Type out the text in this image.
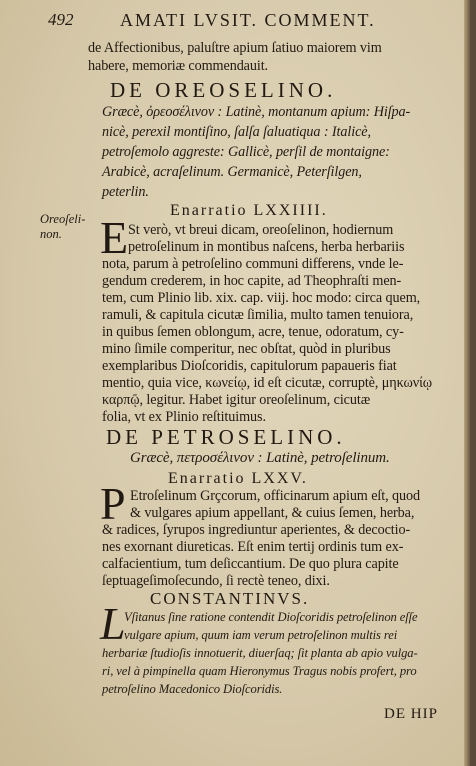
492	AMATI LVSIT. COMMENT.
de Affectionibus, paluſtre apium ſatiuo maiorem vim
habere, memoriæ commendauit.
DE OREOSELINO.
Græcè, ὀρεοσέλινον : Latinè, montanum apium: Hiſpa-
nicè, perexil montiſino, ſalſa ſaluatiqua : Italicè,
petroſemolo aggreste: Gallicè, perſil de montaigne:
Arabicè, acraſelinum. Germanicè, Peterſilgen,
peterlin.
Enarratio LXXIIII.
Oreoſeli-
non. E St verò, vt breui dicam, oreoſelinon, hodiernum
petroſelinum in montibus naſcens, herba herbariis
nota, parum à petroſelino communi differens, vnde le-
gendum crederem, in hoc capite, ad Theophraſti men-
tem, cum Plinio lib. xix. cap. viij. hoc modo: circa quem,
ramuli, & capitula cicutæ ſimilia, multo tamen tenuiora,
in quibus ſemen oblongum, acre, tenue, odoratum, cy-
mino ſimile comperitur, nec obſtat, quòd in pluribus
exemplaribus Dioſcoridis, capitulorum papaueris fiat
mentio, quia vice, κωνείῳ, id eſt cicutæ, corruptè, μηκωνίῳ
καρπῷ, legitur. Habet igitur oreoſelinum, cicutæ
folia, vt ex Plinio reſtituimus.
DE PETROSELINO.
Græcè, πετροσέλινον : Latinè, petroſelinum.
Enarratio LXXV.
P Etroſelinum Grçcorum, officinarum apium eſt, quod
& vulgares apium appellant, & cuius ſemen, herba,
& radices, ſyrupos ingrediuntur aperientes, & decoctio-
nes exornant diureticas. Eſt enim tertij ordinis tum ex-
calfacientium, tum deſiccantium. De quo plura capite
ſeptuageſimoſecundo, ſi rectè teneo, dixi.
CONSTANTINVS.
L
Vſitanus ſine ratione contendit Dioſcoridis petroſelinon eſſe
vulgare apium, quum iam verum petroſelinon multis rei
herbariæ ſtudioſis innotuerit, diuerſaq; ſit planta ab apio vulga-
ri, vel à pimpinella quam Hieronymus Tragus nobis profert, pro
petroſelino Macedonico Dioſcoridis.
DE HIP
